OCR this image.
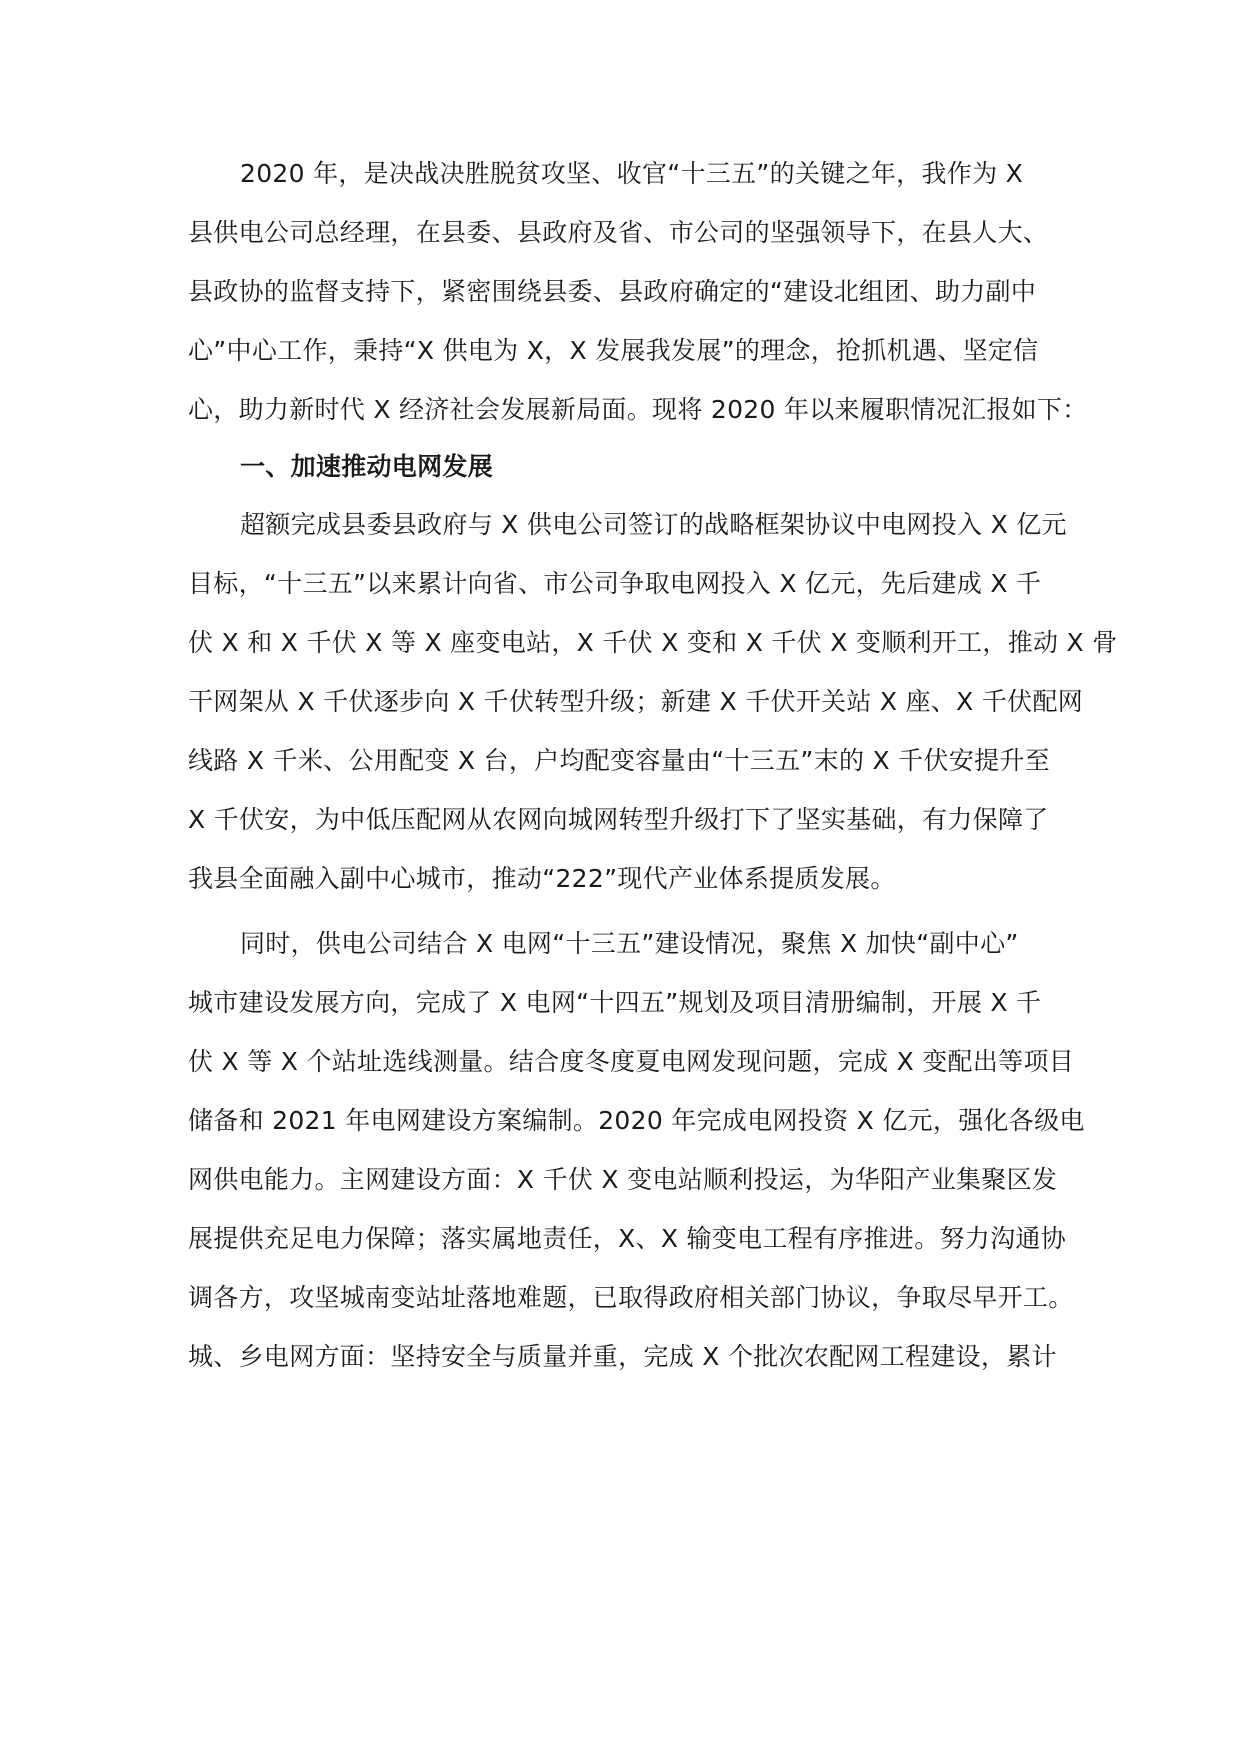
2020 年，是决战决胜脱贫攻坚、收官“十三五”的关键之年，我作为 X
县供电公司总经理，在县委、县政府及省、市公司的坚强领导下，在县人大、
县政协的监督支持下，紧密围绕县委、县政府确定的“建设北组团、助力副中
心”中心工作，秉持“X 供电为 X，X 发展我发展”的理念，抢抓机遇、坚定信
心，助力新时代 X 经济社会发展新局面。现将 2020 年以来履职情况汇报如下：
一、加速推动电网发展
超额完成县委县政府与 X 供电公司签订的战略框架协议中电网投入 X 亿元
目标，“十三五”以来累计向省、市公司争取电网投入 X 亿元，先后建成 X 千
伏 X 和 X 千伏 X 等 X 座变电站，X 千伏 X 变和 X 千伏 X 变顺利开工，推动 X 骨
干网架从 X 千伏逐步向 X 千伏转型升级；新建 X 千伏开关站 X 座、X 千伏配网
线路 X 千米、公用配变 X 台，户均配变容量由“十三五”末的 X 千伏安提升至
X 千伏安，为中低压配网从农网向城网转型升级打下了坚实基础，有力保障了
我县全面融入副中心城市，推动“222”现代产业体系提质发展。
同时，供电公司结合 X 电网“十三五”建设情况，聚焦 X 加快“副中心”
城市建设发展方向，完成了 X 电网“十四五”规划及项目清册编制，开展 X 千
伏 X 等 X 个站址选线测量。结合度冬度夏电网发现问题，完成 X 变配出等项目
储备和 2021 年电网建设方案编制。2020 年完成电网投资 X 亿元，强化各级电
网供电能力。主网建设方面：X 千伏 X 变电站顺利投运，为华阳产业集聚区发
展提供充足电力保障；落实属地责任，X、X 输变电工程有序推进。努力沟通协
调各方，攻坚城南变站址落地难题，已取得政府相关部门协议，争取尽早开工。
城、乡电网方面：坚持安全与质量并重，完成 X 个批次农配网工程建设，累计
